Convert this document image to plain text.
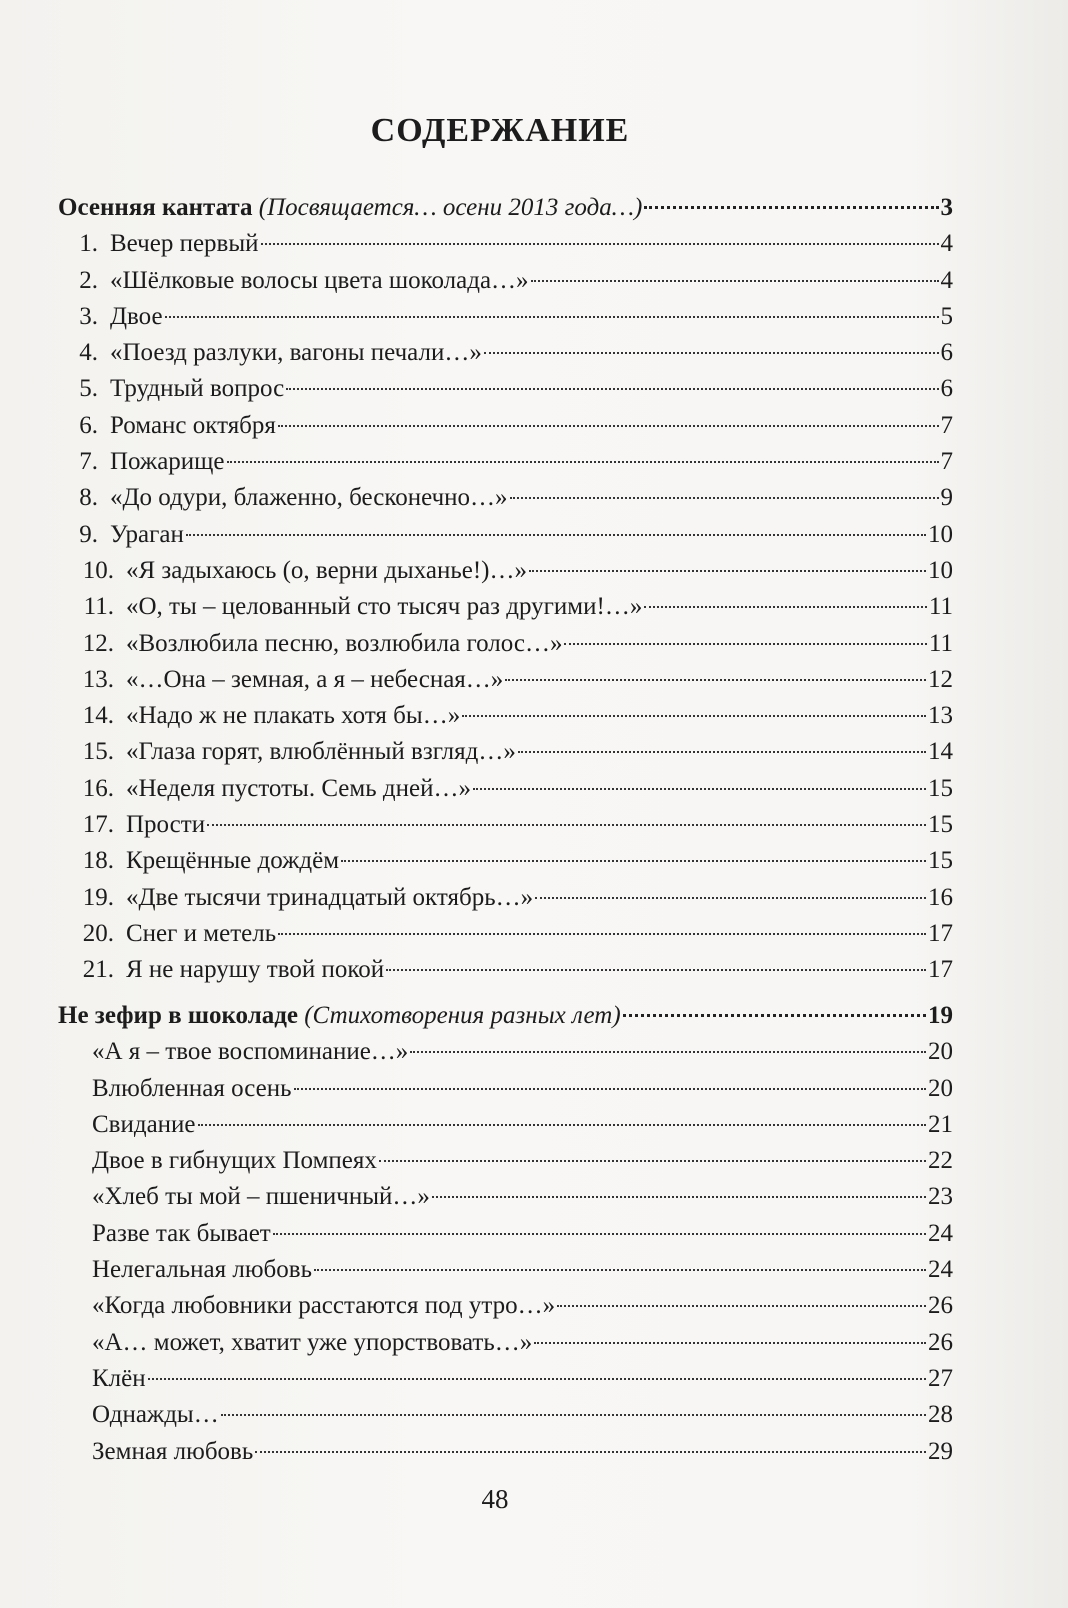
СОДЕРЖАНИЕ
Осенняя кантата (Посвящается… осени 2013 года…)	3
1. Вечер первый	4
2. «Шёлковые волосы цвета шоколада…»	4
3. Двое	5
4. «Поезд разлуки, вагоны печали…»	6
5. Трудный вопрос	6
6. Романс октября	7
7. Пожарище	7
8. «До одури, блаженно, бесконечно…»	9
9. Ураган	10
10. «Я задыхаюсь (о, верни дыханье!)…»	10
11. «О, ты – целованный сто тысяч раз другими!…»	11
12. «Возлюбила песню, возлюбила голос…»	11
13. «…Она – земная, а я – небесная…»	12
14. «Надо ж не плакать хотя бы…»	13
15. «Глаза горят, влюблённый взгляд…»	14
16. «Неделя пустоты. Семь дней…»	15
17. Прости	15
18. Крещённые дождём	15
19. «Две тысячи тринадцатый октябрь…»	16
20. Снег и метель	17
21. Я не нарушу твой покой	17
Не зефир в шоколаде (Стихотворения разных лет)	19
«А я – твое воспоминание…»	20
Влюбленная осень	20
Свидание	21
Двое в гибнущих Помпеях	22
«Хлеб ты мой – пшеничный…»	23
Разве так бывает	24
Нелегальная любовь	24
«Когда любовники расстаются под утро…»	26
«А… может, хватит уже упорствовать…»	26
Клён	27
Однажды…	28
Земная любовь	29
48
